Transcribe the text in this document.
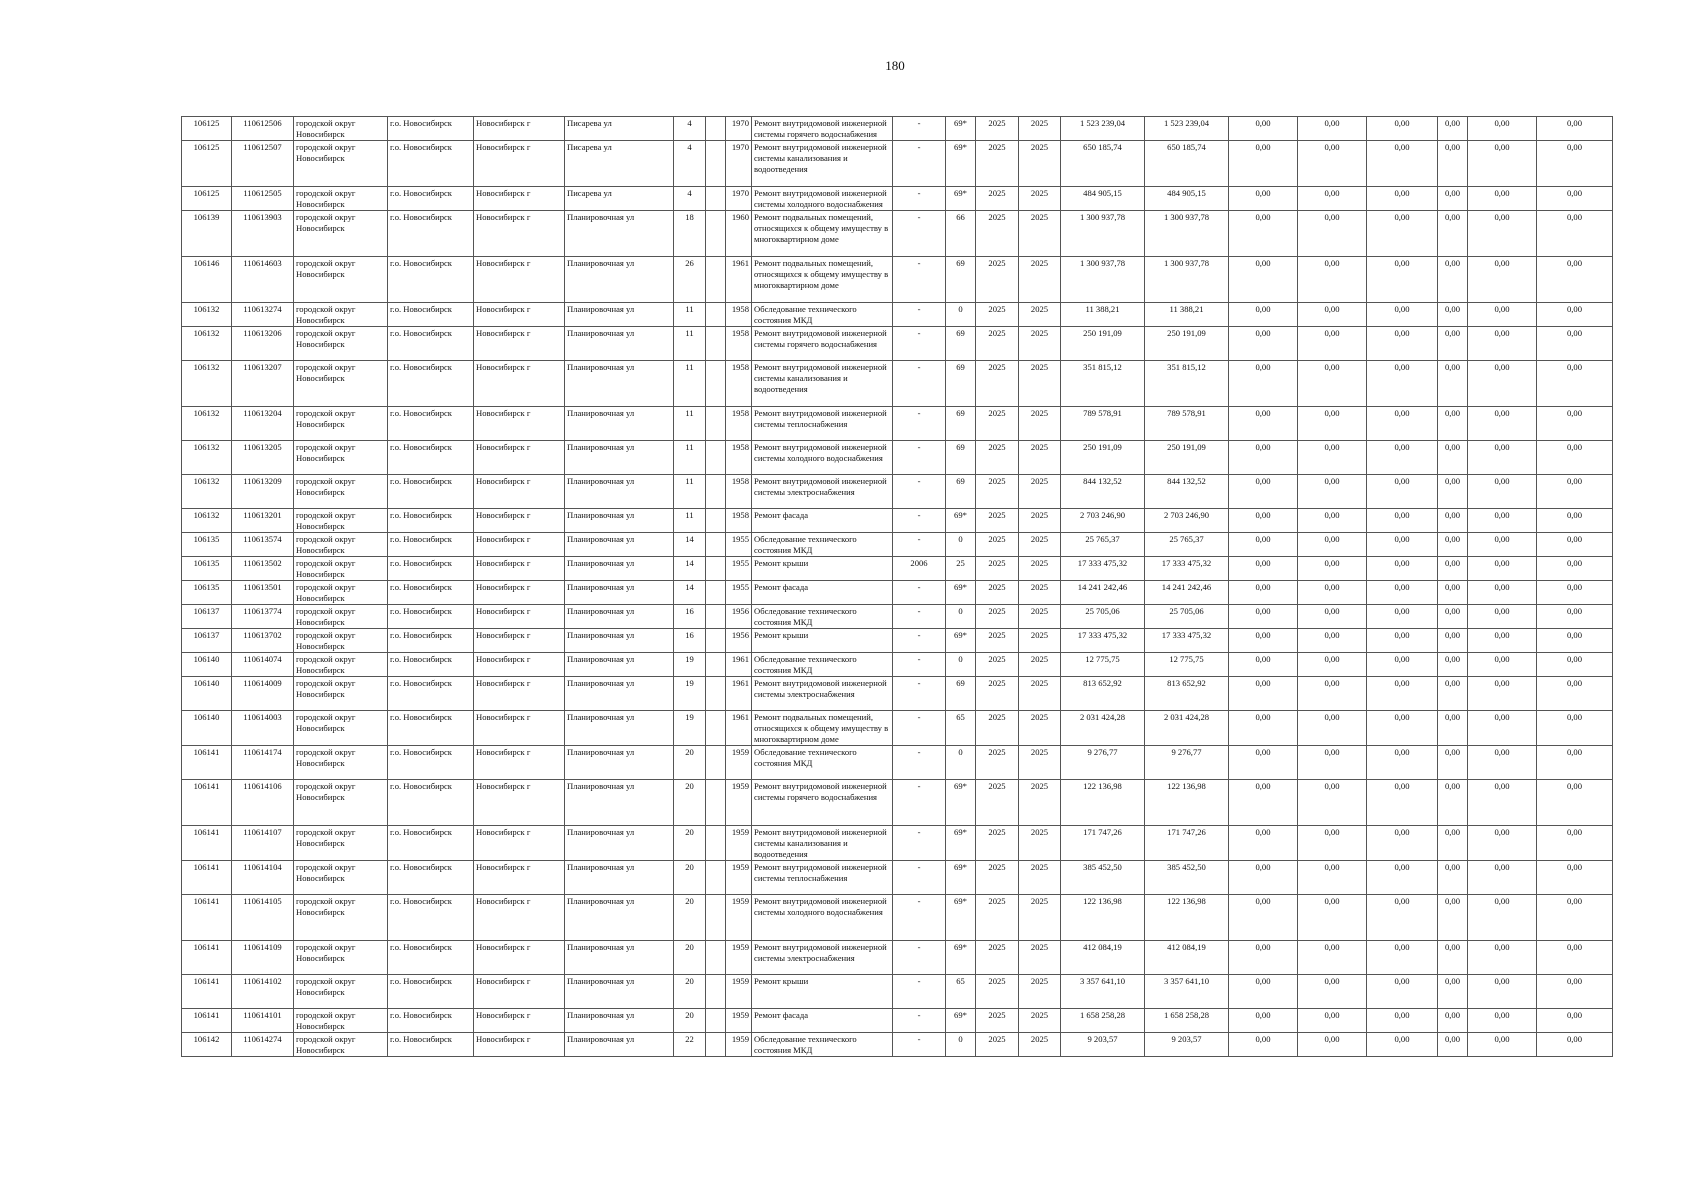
180
106125	110612506	городской округ Новосибирск	г.о. Новосибирск	Новосибирск г	Писарева ул	4		1970	Ремонт внутридомовой инженерной системы горячего водоснабжения	-	69*	2025	2025	1 523 239,04	1 523 239,04	0,00	0,00	0,00	0,00	0,00	0,00
106125	110612507	городской округ Новосибирск	г.о. Новосибирск	Новосибирск г	Писарева ул	4		1970	Ремонт внутридомовой инженерной системы канализования и водоотведения	-	69*	2025	2025	650 185,74	650 185,74	0,00	0,00	0,00	0,00	0,00	0,00
106125	110612505	городской округ Новосибирск	г.о. Новосибирск	Новосибирск г	Писарева ул	4		1970	Ремонт внутридомовой инженерной системы холодного водоснабжения	-	69*	2025	2025	484 905,15	484 905,15	0,00	0,00	0,00	0,00	0,00	0,00
106139	110613903	городской округ Новосибирск	г.о. Новосибирск	Новосибирск г	Планировочная ул	18		1960	Ремонт подвальных помещений, относящихся к общему имуществу в многоквартирном доме	-	66	2025	2025	1 300 937,78	1 300 937,78	0,00	0,00	0,00	0,00	0,00	0,00
106146	110614603	городской округ Новосибирск	г.о. Новосибирск	Новосибирск г	Планировочная ул	26		1961	Ремонт подвальных помещений, относящихся к общему имуществу в многоквартирном доме	-	69	2025	2025	1 300 937,78	1 300 937,78	0,00	0,00	0,00	0,00	0,00	0,00
106132	110613274	городской округ Новосибирск	г.о. Новосибирск	Новосибирск г	Планировочная ул	11		1958	Обследование технического состояния МКД	-	0	2025	2025	11 388,21	11 388,21	0,00	0,00	0,00	0,00	0,00	0,00
106132	110613206	городской округ Новосибирск	г.о. Новосибирск	Новосибирск г	Планировочная ул	11		1958	Ремонт внутридомовой инженерной системы горячего водоснабжения	-	69	2025	2025	250 191,09	250 191,09	0,00	0,00	0,00	0,00	0,00	0,00
106132	110613207	городской округ Новосибирск	г.о. Новосибирск	Новосибирск г	Планировочная ул	11		1958	Ремонт внутридомовой инженерной системы канализования и водоотведения	-	69	2025	2025	351 815,12	351 815,12	0,00	0,00	0,00	0,00	0,00	0,00
106132	110613204	городской округ Новосибирск	г.о. Новосибирск	Новосибирск г	Планировочная ул	11		1958	Ремонт внутридомовой инженерной системы теплоснабжения	-	69	2025	2025	789 578,91	789 578,91	0,00	0,00	0,00	0,00	0,00	0,00
106132	110613205	городской округ Новосибирск	г.о. Новосибирск	Новосибирск г	Планировочная ул	11		1958	Ремонт внутридомовой инженерной системы холодного водоснабжения	-	69	2025	2025	250 191,09	250 191,09	0,00	0,00	0,00	0,00	0,00	0,00
106132	110613209	городской округ Новосибирск	г.о. Новосибирск	Новосибирск г	Планировочная ул	11		1958	Ремонт внутридомовой инженерной системы электроснабжения	-	69	2025	2025	844 132,52	844 132,52	0,00	0,00	0,00	0,00	0,00	0,00
106132	110613201	городской округ Новосибирск	г.о. Новосибирск	Новосибирск г	Планировочная ул	11		1958	Ремонт фасада	-	69*	2025	2025	2 703 246,90	2 703 246,90	0,00	0,00	0,00	0,00	0,00	0,00
106135	110613574	городской округ Новосибирск	г.о. Новосибирск	Новосибирск г	Планировочная ул	14		1955	Обследование технического состояния МКД	-	0	2025	2025	25 765,37	25 765,37	0,00	0,00	0,00	0,00	0,00	0,00
106135	110613502	городской округ Новосибирск	г.о. Новосибирск	Новосибирск г	Планировочная ул	14		1955	Ремонт крыши	2006	25	2025	2025	17 333 475,32	17 333 475,32	0,00	0,00	0,00	0,00	0,00	0,00
106135	110613501	городской округ Новосибирск	г.о. Новосибирск	Новосибирск г	Планировочная ул	14		1955	Ремонт фасада	-	69*	2025	2025	14 241 242,46	14 241 242,46	0,00	0,00	0,00	0,00	0,00	0,00
106137	110613774	городской округ Новосибирск	г.о. Новосибирск	Новосибирск г	Планировочная ул	16		1956	Обследование технического состояния МКД	-	0	2025	2025	25 705,06	25 705,06	0,00	0,00	0,00	0,00	0,00	0,00
106137	110613702	городской округ Новосибирск	г.о. Новосибирск	Новосибирск г	Планировочная ул	16		1956	Ремонт крыши	-	69*	2025	2025	17 333 475,32	17 333 475,32	0,00	0,00	0,00	0,00	0,00	0,00
106140	110614074	городской округ Новосибирск	г.о. Новосибирск	Новосибирск г	Планировочная ул	19		1961	Обследование технического состояния МКД	-	0	2025	2025	12 775,75	12 775,75	0,00	0,00	0,00	0,00	0,00	0,00
106140	110614009	городской округ Новосибирск	г.о. Новосибирск	Новосибирск г	Планировочная ул	19		1961	Ремонт внутридомовой инженерной системы электроснабжения	-	69	2025	2025	813 652,92	813 652,92	0,00	0,00	0,00	0,00	0,00	0,00
106140	110614003	городской округ Новосибирск	г.о. Новосибирск	Новосибирск г	Планировочная ул	19		1961	Ремонт подвальных помещений, относящихся к общему имуществу в многоквартирном доме	-	65	2025	2025	2 031 424,28	2 031 424,28	0,00	0,00	0,00	0,00	0,00	0,00
106141	110614174	городской округ Новосибирск	г.о. Новосибирск	Новосибирск г	Планировочная ул	20		1959	Обследование технического состояния МКД	-	0	2025	2025	9 276,77	9 276,77	0,00	0,00	0,00	0,00	0,00	0,00
106141	110614106	городской округ Новосибирск	г.о. Новосибирск	Новосибирск г	Планировочная ул	20		1959	Ремонт внутридомовой инженерной системы горячего водоснабжения	-	69*	2025	2025	122 136,98	122 136,98	0,00	0,00	0,00	0,00	0,00	0,00
106141	110614107	городской округ Новосибирск	г.о. Новосибирск	Новосибирск г	Планировочная ул	20		1959	Ремонт внутридомовой инженерной системы канализования и водоотведения	-	69*	2025	2025	171 747,26	171 747,26	0,00	0,00	0,00	0,00	0,00	0,00
106141	110614104	городской округ Новосибирск	г.о. Новосибирск	Новосибирск г	Планировочная ул	20		1959	Ремонт внутридомовой инженерной системы теплоснабжения	-	69*	2025	2025	385 452,50	385 452,50	0,00	0,00	0,00	0,00	0,00	0,00
106141	110614105	городской округ Новосибирск	г.о. Новосибирск	Новосибирск г	Планировочная ул	20		1959	Ремонт внутридомовой инженерной системы холодного водоснабжения	-	69*	2025	2025	122 136,98	122 136,98	0,00	0,00	0,00	0,00	0,00	0,00
106141	110614109	городской округ Новосибирск	г.о. Новосибирск	Новосибирск г	Планировочная ул	20		1959	Ремонт внутридомовой инженерной системы электроснабжения	-	69*	2025	2025	412 084,19	412 084,19	0,00	0,00	0,00	0,00	0,00	0,00
106141	110614102	городской округ Новосибирск	г.о. Новосибирск	Новосибирск г	Планировочная ул	20		1959	Ремонт крыши	-	65	2025	2025	3 357 641,10	3 357 641,10	0,00	0,00	0,00	0,00	0,00	0,00
106141	110614101	городской округ Новосибирск	г.о. Новосибирск	Новосибирск г	Планировочная ул	20		1959	Ремонт фасада	-	69*	2025	2025	1 658 258,28	1 658 258,28	0,00	0,00	0,00	0,00	0,00	0,00
106142	110614274	городской округ Новосибирск	г.о. Новосибирск	Новосибирск г	Планировочная ул	22		1959	Обследование технического состояния МКД	-	0	2025	2025	9 203,57	9 203,57	0,00	0,00	0,00	0,00	0,00	0,00
